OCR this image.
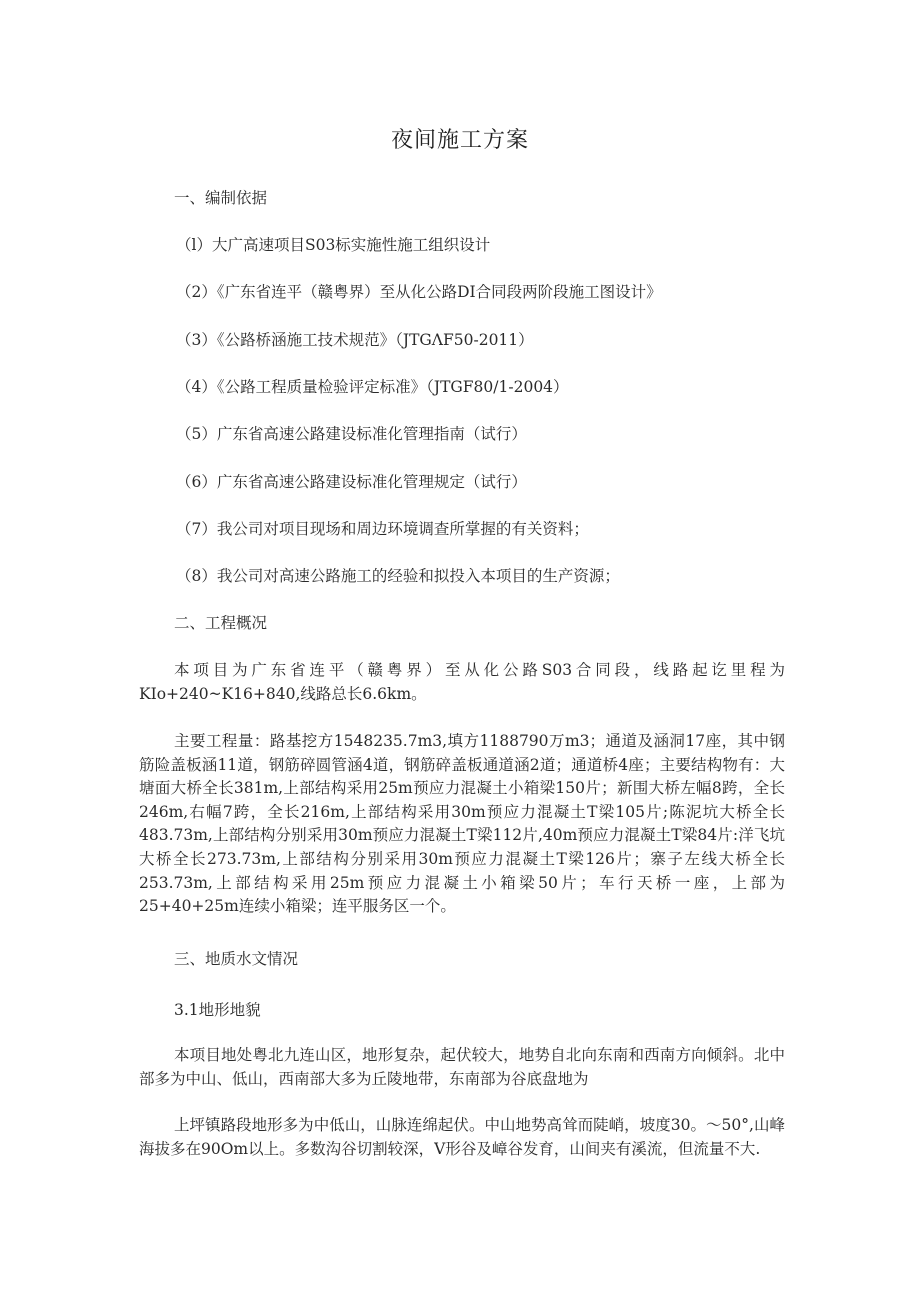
夜间施工方案
一、编制依据
（l）大广高速项目S03标实施性施工组织设计
（2）《广东省连平（赣粤界）至从化公路DI合同段两阶段施工图设计》
（3）《公路桥涵施工技术规范》（JTGΛF50-2011）
（4）《公路工程质量检验评定标准》（JTGF80/1-2004）
（5）广东省高速公路建设标准化管理指南（试行）
（6）广东省高速公路建设标准化管理规定（试行）
（7）我公司对项目现场和周边环境调查所掌握的有关资料；
（8）我公司对高速公路施工的经验和拟投入本项目的生产资源；
二、工程概况
本项目为广东省连平（赣粤界）至从化公路S03合同段，线路起讫里程为KIo+240~K16+840,线路总长6.6km。
主要工程量：路基挖方1548235.7m3,填方1188790万m3；通道及涵洞17座，其中钢筋险盖板涵11道，钢筋碎圆管涵4道，钢筋碎盖板通道涵2道；通道桥4座；主要结构物有：大塘面大桥全长381m,上部结构采用25m预应力混凝土小箱梁150片；新围大桥左幅8跨，全长246m,右幅7跨，全长216m,上部结构采用30m预应力混凝土T梁105片;陈泥坑大桥全长483.73m,上部结构分别采用30m预应力混凝土T梁112片,40m预应力混凝土T梁84片:洋飞坑大桥全长273.73m,上部结构分别采用30m预应力混凝土T梁126片；寨子左线大桥全长253.73m,上部结构采用25m预应力混凝土小箱梁50片；车行天桥一座，上部为25+40+25m连续小箱梁；连平服务区一个。
三、地质水文情况
3.1地形地貌
本项目地处粤北九连山区，地形复杂，起伏较大，地势自北向东南和西南方向倾斜。北中部多为中山、低山，西南部大多为丘陵地带，东南部为谷底盘地为
上坪镇路段地形多为中低山，山脉连绵起伏。中山地势高耸而陡峭，坡度30。～50°,山峰海拔多在90Om以上。多数沟谷切割较深，V形谷及嶂谷发育，山间夹有溪流，但流量不大.
